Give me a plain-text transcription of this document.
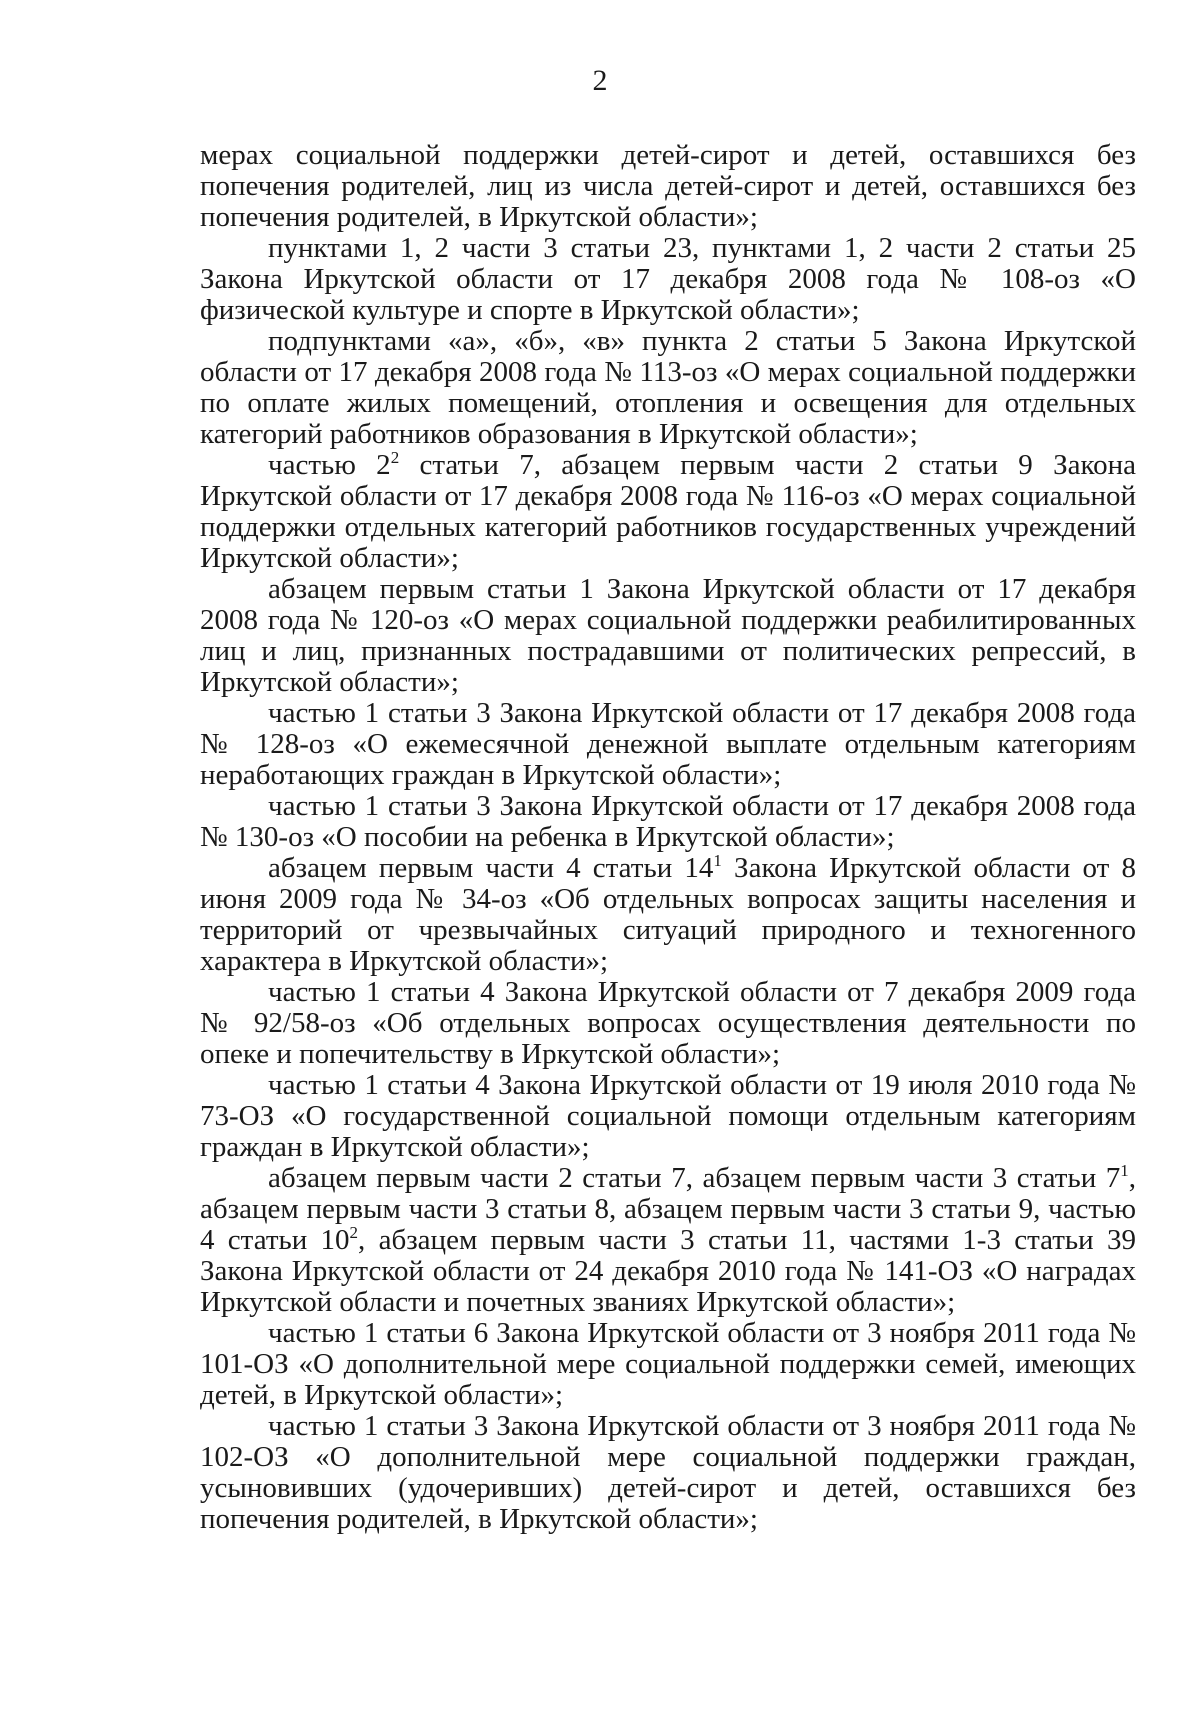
2

мерах социальной поддержки детей-сирот и детей, оставшихся без попечения родителей, лиц из числа детей-сирот и детей, оставшихся без попечения родителей, в Иркутской области»;

пунктами 1, 2 части 3 статьи 23, пунктами 1, 2 части 2 статьи 25 Закона Иркутской области от 17 декабря 2008 года № 108-оз «О физической культуре и спорте в Иркутской области»;

подпунктами «а», «б», «в» пункта 2 статьи 5 Закона Иркутской области от 17 декабря 2008 года № 113-оз «О мерах социальной поддержки по оплате жилых помещений, отопления и освещения для отдельных категорий работников образования в Иркутской области»;

частью $2^2$ статьи 7, абзацем первым части 2 статьи 9 Закона Иркутской области от 17 декабря 2008 года № 116-оз «О мерах социальной поддержки отдельных категорий работников государственных учреждений Иркутской области»;

абзацем первым статьи 1 Закона Иркутской области от 17 декабря 2008 года № 120-оз «О мерах социальной поддержки реабилитированных лиц и лиц, признанных пострадавшими от политических репрессий, в Иркутской области»;

частью 1 статьи 3 Закона Иркутской области от 17 декабря 2008 года № 128-оз «О ежемесячной денежной выплате отдельным категориям неработающих граждан в Иркутской области»;

частью 1 статьи 3 Закона Иркутской области от 17 декабря 2008 года № 130-оз «О пособии на ребенка в Иркутской области»;

абзацем первым части 4 статьи $14^1$ Закона Иркутской области от 8 июня 2009 года № 34-оз «Об отдельных вопросах защиты населения и территорий от чрезвычайных ситуаций природного и техногенного характера в Иркутской области»;

частью 1 статьи 4 Закона Иркутской области от 7 декабря 2009 года № 92/58-оз «Об отдельных вопросах осуществления деятельности по опеке и попечительству в Иркутской области»;

частью 1 статьи 4 Закона Иркутской области от 19 июля 2010 года № 73-ОЗ «О государственной социальной помощи отдельным категориям граждан в Иркутской области»;

абзацем первым части 2 статьи 7, абзацем первым части 3 статьи $7^1$, абзацем первым части 3 статьи 8, абзацем первым части 3 статьи 9, частью 4 статьи $10^2$, абзацем первым части 3 статьи 11, частями 1-3 статьи 39 Закона Иркутской области от 24 декабря 2010 года № 141-ОЗ «О наградах Иркутской области и почетных званиях Иркутской области»;

частью 1 статьи 6 Закона Иркутской области от 3 ноября 2011 года № 101-ОЗ «О дополнительной мере социальной поддержки семей, имеющих детей, в Иркутской области»;

частью 1 статьи 3 Закона Иркутской области от 3 ноября 2011 года № 102-ОЗ «О дополнительной мере социальной поддержки граждан, усыновивших (удочеривших) детей-сирот и детей, оставшихся без попечения родителей, в Иркутской области»;
